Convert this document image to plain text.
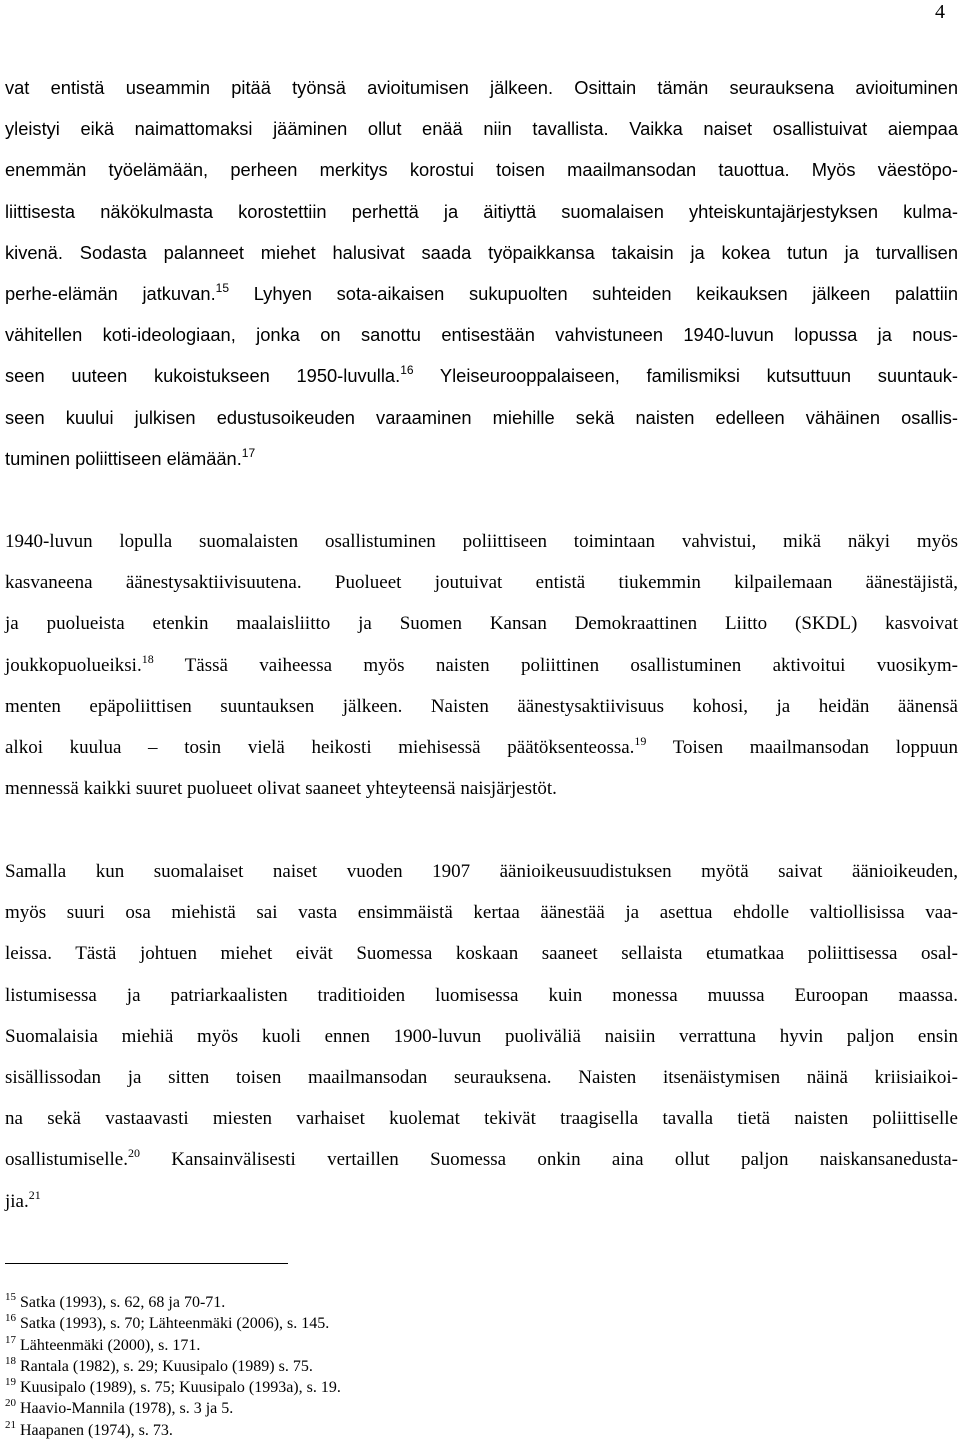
4
vat entistä useammin pitää työnsä avioitumisen jälkeen. Osittain tämän seurauksena avioituminen
yleistyi eikä naimattomaksi jääminen ollut enää niin tavallista. Vaikka naiset osallistuivat aiempaa
enemmän työelämään, perheen merkitys korostui toisen maailmansodan tauottua. Myös väestöpo-
liittisesta näkökulmasta korostettiin perhettä ja äitiyttä suomalaisen yhteiskuntajärjestyksen kulma-
kivenä. Sodasta palanneet miehet halusivat saada työpaikkansa takaisin ja kokea tutun ja turvallisen
perhe-elämän jatkuvan.$^{15}$ Lyhyen sota-aikaisen sukupuolten suhteiden keikauksen jälkeen palattiin
vähitellen koti-ideologiaan, jonka on sanottu entisestään vahvistuneen 1940-luvun lopussa ja nous-
seen uuteen kukoistukseen 1950-luvulla.$^{16}$ Yleiseurooppalaiseen, familismiksi kutsuttuun suuntauk-
seen kuului julkisen edustusoikeuden varaaminen miehille sekä naisten edelleen vähäinen osallis-
tuminen poliittiseen elämään.$^{17}$
1940-luvun lopulla suomalaisten osallistuminen poliittiseen toimintaan vahvistui, mikä näkyi myös
kasvaneena äänestysaktiivisuutena. Puolueet joutuivat entistä tiukemmin kilpailemaan äänestäjistä,
ja puolueista etenkin maalaisliitto ja Suomen Kansan Demokraattinen Liitto (SKDL) kasvoivat
joukkopuolueiksi.$^{18}$ Tässä vaiheessa myös naisten poliittinen osallistuminen aktivoitui vuosikym-
menten epäpoliittisen suuntauksen jälkeen. Naisten äänestysaktiivisuus kohosi, ja heidän äänensä
alkoi kuulua – tosin vielä heikosti miehisessä päätöksenteossa.$^{19}$ Toisen maailmansodan loppuun
mennessä kaikki suuret puolueet olivat saaneet yhteyteensä naisjärjestöt.
Samalla kun suomalaiset naiset vuoden 1907 äänioikeusuudistuksen myötä saivat äänioikeuden,
myös suuri osa miehistä sai vasta ensimmäistä kertaa äänestää ja asettua ehdolle valtiollisissa vaa-
leissa. Tästä johtuen miehet eivät Suomessa koskaan saaneet sellaista etumatkaa poliittisessa osal-
listumisessa ja patriarkaalisten traditioiden luomisessa kuin monessa muussa Euroopan maassa.
Suomalaisia miehiä myös kuoli ennen 1900-luvun puoliväliä naisiin verrattuna hyvin paljon ensin
sisällissodan ja sitten toisen maailmansodan seurauksena. Naisten itsenäistymisen näinä kriisiaikoi-
na sekä vastaavasti miesten varhaiset kuolemat tekivät traagisella tavalla tietä naisten poliittiselle
osallistumiselle.$^{20}$ Kansainvälisesti vertaillen Suomessa onkin aina ollut paljon naiskansanedusta-
jia.$^{21}$
$^{15}$ Satka (1993), s. 62, 68 ja 70-71.
$^{16}$ Satka (1993), s. 70; Lähteenmäki (2006), s. 145.
$^{17}$ Lähteenmäki (2000), s. 171.
$^{18}$ Rantala (1982), s. 29; Kuusipalo (1989) s. 75.
$^{19}$ Kuusipalo (1989), s. 75; Kuusipalo (1993a), s. 19.
$^{20}$ Haavio-Mannila (1978), s. 3 ja 5.
$^{21}$ Haapanen (1974), s. 73.
